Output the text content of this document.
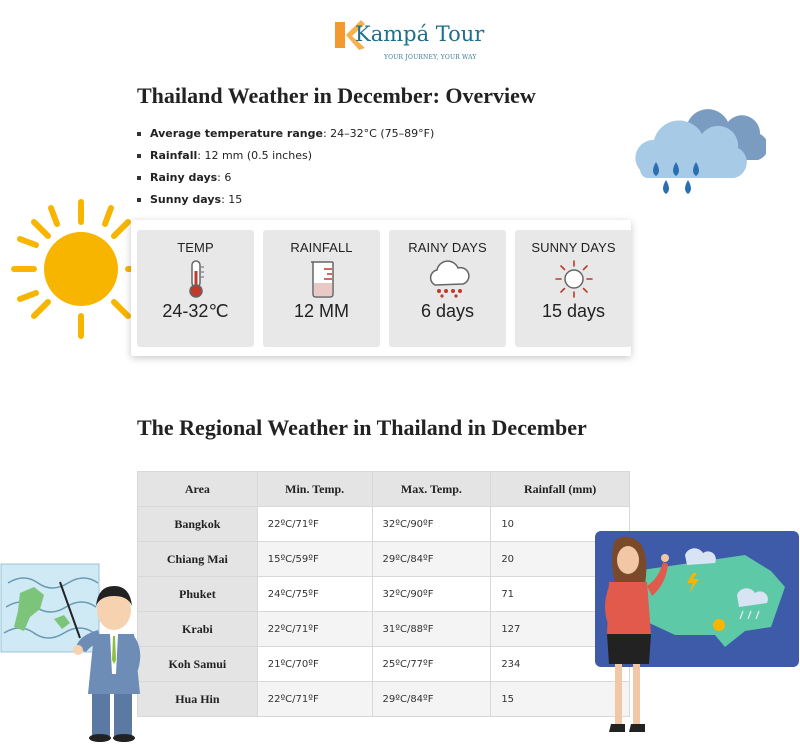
Kampá Tour
YOUR JOURNEY, YOUR WAY
Thailand Weather in December: Overview
Average temperature range: 24–32°C (75–89°F)
Rainfall: 12 mm (0.5 inches)
Rainy days: 6
Sunny days: 15
TEMP
24-32℃
RAINFALL
12 MM
RAINY DAYS
6 days
SUNNY DAYS
15 days
The Regional Weather in Thailand in December
Area	Min. Temp.	Max. Temp.	Rainfall (mm)
Bangkok	22ºC/71ºF	32ºC/90ºF	10
Chiang Mai	15ºC/59ºF	29ºC/84ºF	20
Phuket	24ºC/75ºF	32ºC/90ºF	71
Krabi	22ºC/71ºF	31ºC/88ºF	127
Koh Samui	21ºC/70ºF	25ºC/77ºF	234
Hua Hin	22ºC/71ºF	29ºC/84ºF	15
